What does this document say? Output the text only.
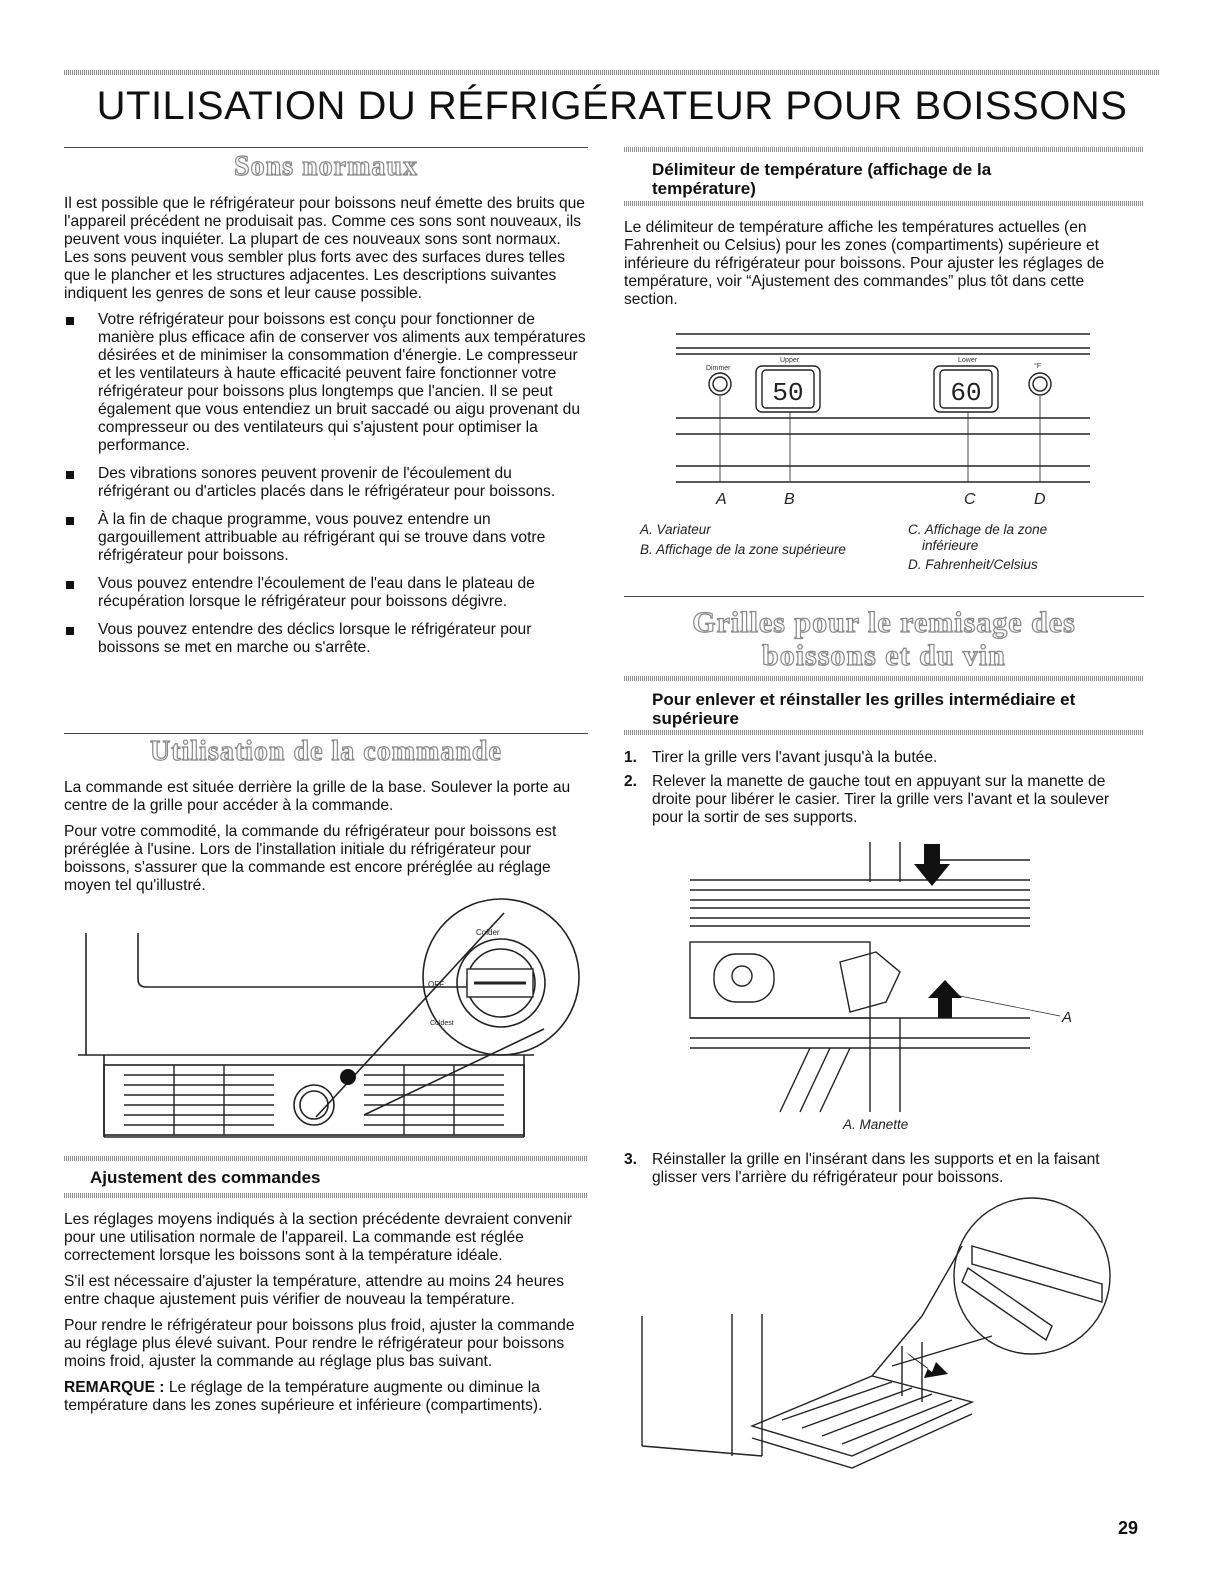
UTILISATION DU RÉFRIGÉRATEUR POUR BOISSONS
Sons normaux

Il est possible que le réfrigérateur pour boissons neuf émette des bruits que l'appareil précédent ne produisait pas. Comme ces sons sont nouveaux, ils peuvent vous inquiéter. La plupart de ces nouveaux sons sont normaux. Les sons peuvent vous sembler plus forts avec des surfaces dures telles que le plancher et les structures adjacentes. Les descriptions suivantes indiquent les genres de sons et leur cause possible.

Votre réfrigérateur pour boissons est conçu pour fonctionner de manière plus efficace afin de conserver vos aliments aux températures désirées et de minimiser la consommation d'énergie. Le compresseur et les ventilateurs à haute efficacité peuvent faire fonctionner votre réfrigérateur pour boissons plus longtemps que l'ancien. Il se peut également que vous entendiez un bruit saccadé ou aigu provenant du compresseur ou des ventilateurs qui s'ajustent pour optimiser la performance.
Des vibrations sonores peuvent provenir de l'écoulement du réfrigérant ou d'articles placés dans le réfrigérateur pour boissons.
À la fin de chaque programme, vous pouvez entendre un gargouillement attribuable au réfrigérant qui se trouve dans votre réfrigérateur pour boissons.
Vous pouvez entendre l'écoulement de l'eau dans le plateau de récupération lorsque le réfrigérateur pour boissons dégivre.
Vous pouvez entendre des déclics lorsque le réfrigérateur pour boissons se met en marche ou s'arrête.
Utilisation de la commande

La commande est située derrière la grille de la base. Soulever la porte au centre de la grille pour accéder à la commande.

Pour votre commodité, la commande du réfrigérateur pour boissons est préréglée à l'usine. Lors de l'installation initiale du réfrigérateur pour boissons, s'assurer que la commande est encore préréglée au réglage moyen tel qu'illustré.

Colder
OFF
Coldest
Ajustement des commandes

Les réglages moyens indiqués à la section précédente devraient convenir pour une utilisation normale de l'appareil. La commande est réglée correctement lorsque les boissons sont à la température idéale.

S'il est nécessaire d'ajuster la température, attendre au moins 24 heures entre chaque ajustement puis vérifier de nouveau la température.

Pour rendre le réfrigérateur pour boissons plus froid, ajuster la commande au réglage plus élevé suivant. Pour rendre le réfrigérateur pour boissons moins froid, ajuster la commande au réglage plus bas suivant.

REMARQUE : Le réglage de la température augmente ou diminue la température dans les zones supérieure et inférieure (compartiments).

Délimiteur de température (affichage de la température)

Le délimiteur de température affiche les températures actuelles (en Fahrenheit ou Celsius) pour les zones (compartiments) supérieure et inférieure du réfrigérateur pour boissons. Pour ajuster les réglages de température, voir “Ajustement des commandes” plus tôt dans cette section.

50	60
Dimmer
Upper	Lower
°F
A	B	C	D
A. Variateur
B. Affichage de la zone supérieure
C. Affichage de la zone
inférieure
D. Fahrenheit/Celsius
Grilles pour le remisage des
boissons et du vin
Pour enlever et réinstaller les grilles intermédiaire et supérieure
1. Tirer la grille vers l'avant jusqu'à la butée.
2. Relever la manette de gauche tout en appuyant sur la manette de droite pour libérer le casier. Tirer la grille vers l'avant et la soulever pour la sortir de ses supports.
A
A. Manette
3. Réinstaller la grille en l'insérant dans les supports et en la faisant glisser vers l'arrière du réfrigérateur pour boissons.
29
